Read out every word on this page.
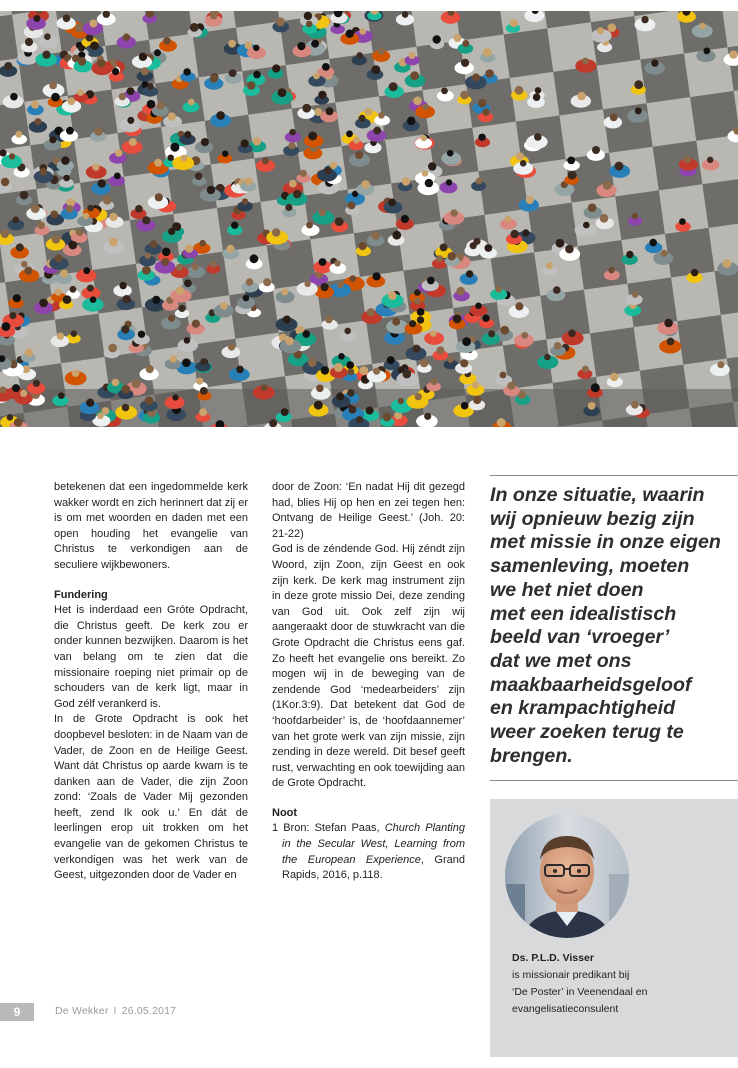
betekenen dat een ingedommelde kerk wakker wordt en zich herinnert dat zij er is om met woorden en daden met een open houding het evangelie van Christus te verkondigen aan de seculiere wijkbewoners.

Fundering

Het is inderdaad een Gróte Opdracht, die Christus geeft. De kerk zou er onder kunnen bezwijken. Daarom is het van belang om te zien dat die missionaire roeping niet primair op de schouders van de kerk ligt, maar in God zélf verankerd is.

In de Grote Opdracht is ook het doopbevel besloten: in de Naam van de Vader, de Zoon en de Heilige Geest. Want dát Christus op aarde kwam is te danken aan de Vader, die zijn Zoon zond: ‘Zoals de Vader Mij gezonden heeft, zend Ik ook u.’ En dát de leerlingen erop uit trokken om het evangelie van de gekomen Christus te verkondigen was het werk van de Geest, uitgezonden door de Vader en

door de Zoon: ‘En nadat Hij dit gezegd had, blies Hij op hen en zei tegen hen: Ontvang de Heilige Geest.’ (Joh. 20: 21-22)

God is de zéndende God. Hij zéndt zijn Woord, zijn Zoon, zijn Geest en ook zijn kerk. De kerk mag instrument zijn in deze grote missio Dei, deze zending van God uit. Ook zelf zijn wij aangeraakt door de stuwkracht van die Grote Opdracht die Christus eens gaf. Zo heeft het evangelie ons bereikt. Zo mogen wij in de beweging van de zendende God ‘medearbeiders’ zijn (1Kor.3:9). Dat betekent dat God de ‘hoofdarbeider’ is, de ‘hoofdaannemer’ van het grote werk van zijn missie, zijn zending in deze wereld. Dit besef geeft rust, verwachting en ook toewijding aan de Grote Opdracht.

Noot

1 Bron: Stefan Paas, Church Planting in the Secular West, Learning from the European Experience, Grand Rapids, 2016, p.118.

In onze situatie, waarin
wij opnieuw bezig zijn
met missie in onze eigen
samenleving, moeten
we het niet doen
met een idealistisch
beeld van ‘vroeger’
dat we met ons
maakbaarheidsgeloof
en krampachtigheid
weer zoeken terug te
brengen.
Ds. P.L.D. Visser
is missionair predikant bij
‘De Poster’ in Veenendaal en
evangelisatieconsulent
9	De Wekker I 26.05.2017
